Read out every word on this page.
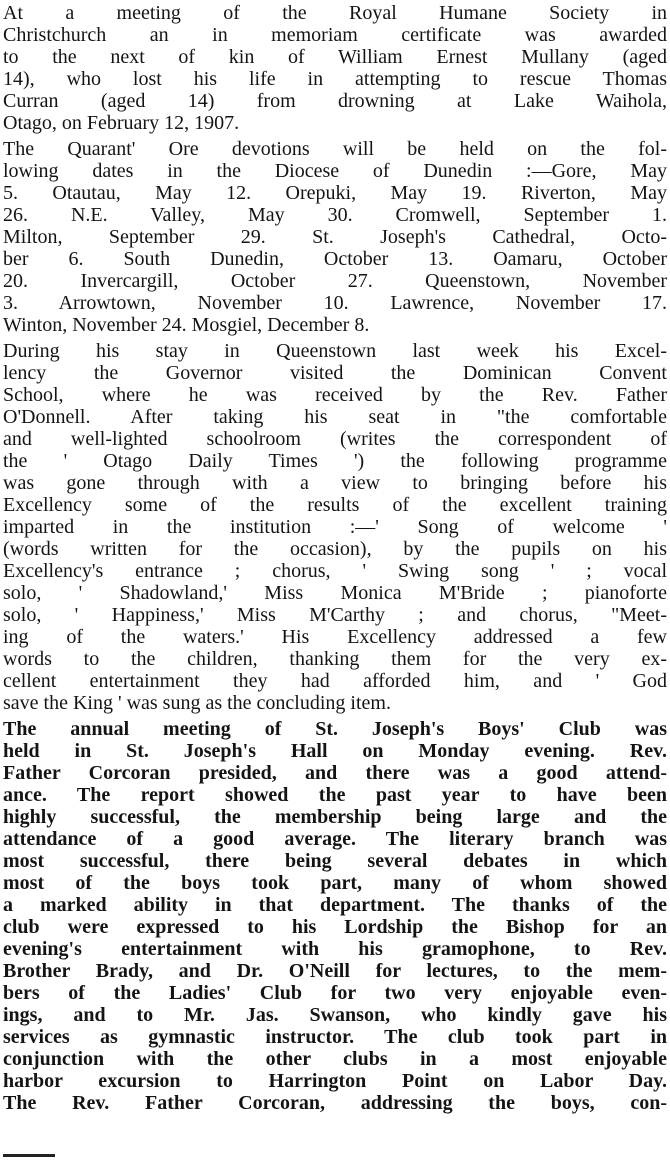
At a meeting of the Royal Humane Society in
Christchurch an in memoriam certificate was awarded
to the next of kin of William Ernest Mullany (aged
14), who lost his life in attempting to rescue Thomas
Curran (aged 14) from drowning at Lake Waihola,
Otago, on February 12, 1907.
The Quarant' Ore devotions will be held on the fol-
lowing dates in the Diocese of Dunedin :—Gore, May
5. Otautau, May 12. Orepuki, May 19. Riverton, May
26. N.E. Valley, May 30. Cromwell, September 1.
Milton, September 29. St. Joseph's Cathedral, Octo-
ber 6. South Dunedin, October 13. Oamaru, October
20. Invercargill, October 27. Queenstown, November
3. Arrowtown, November 10. Lawrence, November 17.
Winton, November 24. Mosgiel, December 8.
During his stay in Queenstown last week his Excel-
lency the Governor visited the Dominican Convent
School, where he was received by the Rev. Father
O'Donnell. After taking his seat in "the comfortable
and well-lighted schoolroom (writes the correspondent of
the ' Otago Daily Times ') the following programme
was gone through with a view to bringing before his
Excellency some of the results of the excellent training
imparted in the institution :—' Song of welcome '
(words written for the occasion), by the pupils on his
Excellency's entrance ; chorus, ' Swing song ' ; vocal
solo, ' Shadowland,' Miss Monica M'Bride ; pianoforte
solo, ' Happiness,' Miss M'Carthy ; and chorus, "Meet-
ing of the waters.' His Excellency addressed a few
words to the children, thanking them for the very ex-
cellent entertainment they had afforded him, and ' God
save the King ' was sung as the concluding item.
The annual meeting of St. Joseph's Boys' Club was
held in St. Joseph's Hall on Monday evening. Rev.
Father Corcoran presided, and there was a good attend-
ance. The report showed the past year to have been
highly successful, the membership being large and the
attendance of a good average. The literary branch was
most successful, there being several debates in which
most of the boys took part, many of whom showed
a marked ability in that department. The thanks of the
club were expressed to his Lordship the Bishop for an
evening's entertainment with his gramophone, to Rev.
Brother Brady, and Dr. O'Neill for lectures, to the mem-
bers of the Ladies' Club for two very enjoyable even-
ings, and to Mr. Jas. Swanson, who kindly gave his
services as gymnastic instructor. The club took part in
conjunction with the other clubs in a most enjoyable
harbor excursion to Harrington Point on Labor Day.
The Rev. Father Corcoran, addressing the boys, con-
